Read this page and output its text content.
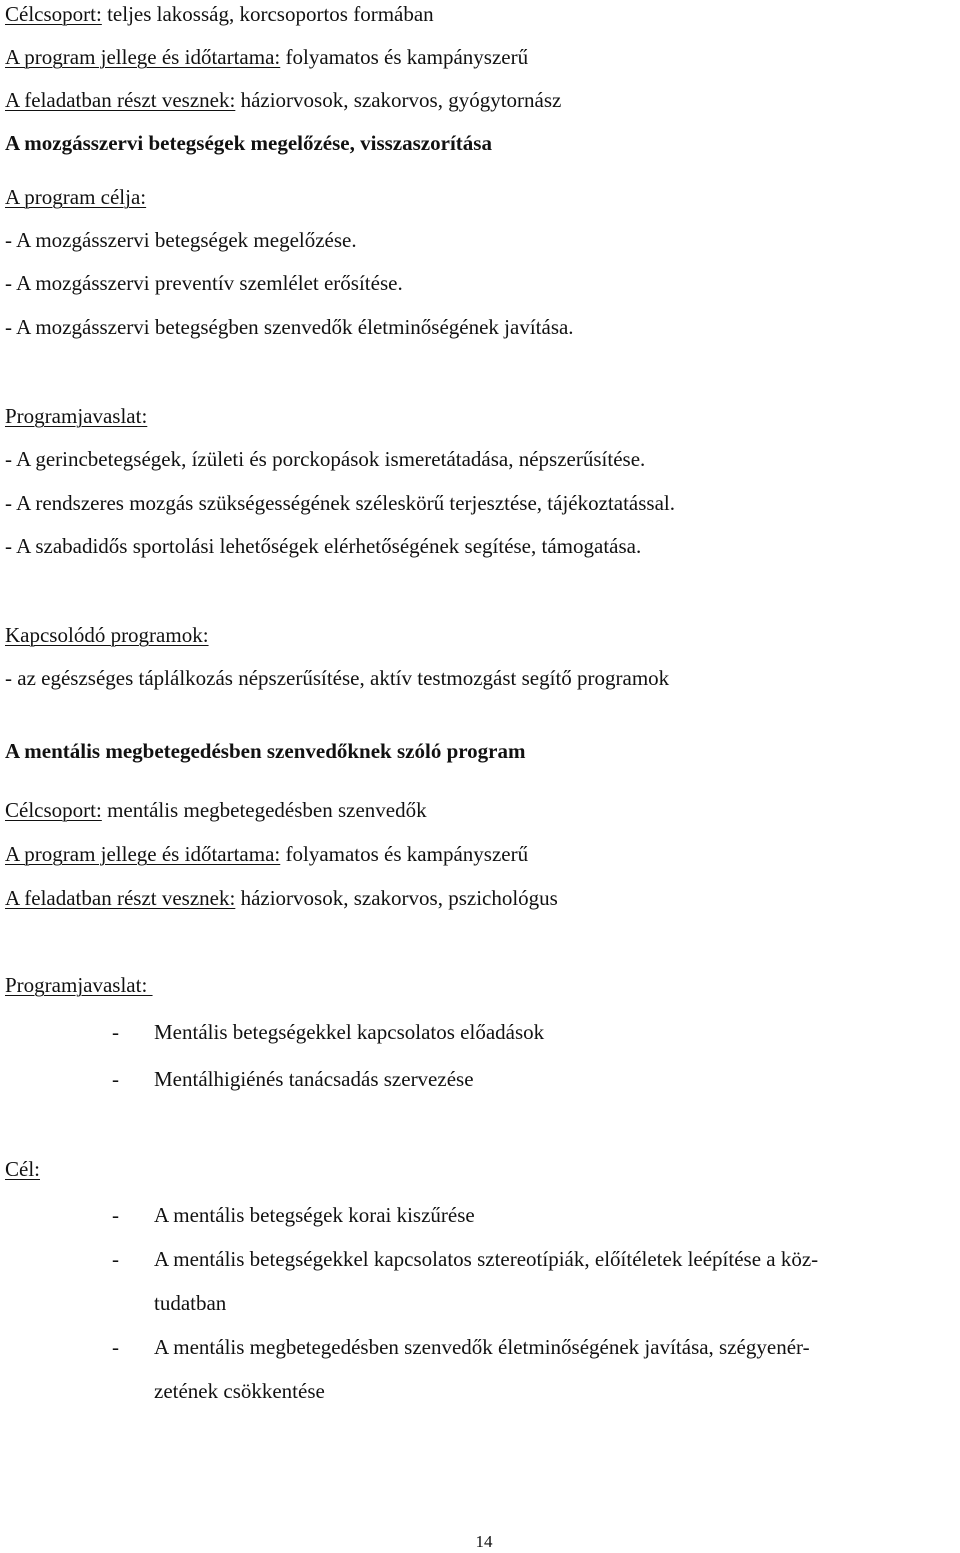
Célcsoport: teljes lakosság, korcsoportos formában
A program jellege és időtartama: folyamatos és kampányszerű
A feladatban részt vesznek: háziorvosok, szakorvos, gyógytornász
A mozgásszervi betegségek megelőzése, visszaszorítása
A program célja:
- A mozgásszervi betegségek megelőzése.
- A mozgásszervi preventív szemlélet erősítése.
- A mozgásszervi betegségben szenvedők életminőségének javítása.
Programjavaslat:
- A gerincbetegségek, ízületi és porckopások ismeretátadása, népszerűsítése.
- A rendszeres mozgás szükségességének széleskörű terjesztése, tájékoztatással.
- A szabadidős sportolási lehetőségek elérhetőségének segítése, támogatása.
Kapcsolódó programok:
- az egészséges táplálkozás népszerűsítése, aktív testmozgást segítő programok
A mentális megbetegedésben szenvedőknek szóló program
Célcsoport: mentális megbetegedésben szenvedők
A program jellege és időtartama: folyamatos és kampányszerű
A feladatban részt vesznek: háziorvosok, szakorvos, pszichológus
Programjavaslat:
- Mentális betegségekkel kapcsolatos előadások
- Mentálhigiénés tanácsadás szervezése
Cél:
- A mentális betegségek korai kiszűrése
- A mentális betegségekkel kapcsolatos sztereotípiák, előítéletek leépítése a köz-
tudatban
- A mentális megbetegedésben szenvedők életminőségének javítása, szégyenér-
zetének csökkentése
14
